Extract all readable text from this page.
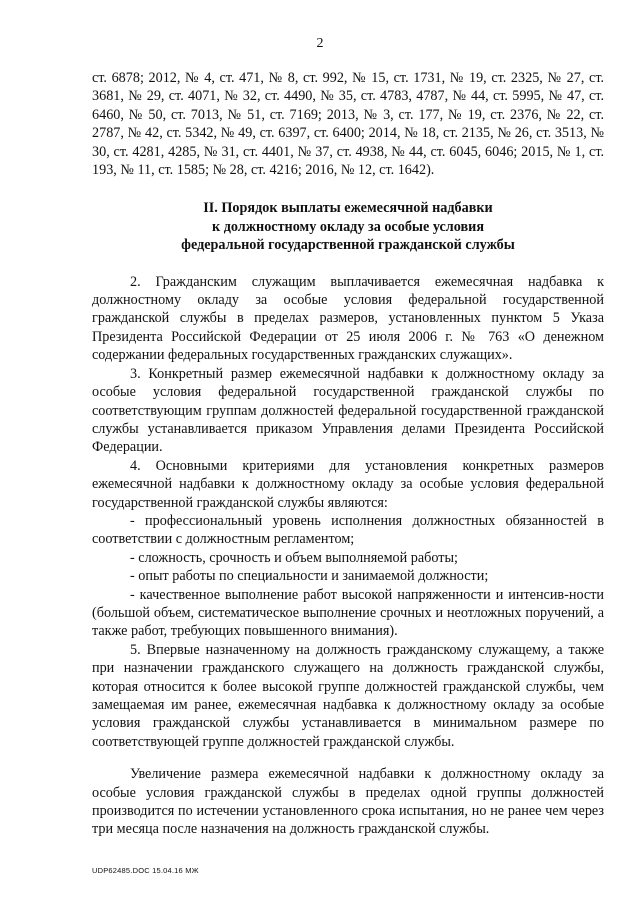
2

ст. 6878; 2012, № 4, ст. 471, № 8, ст. 992, № 15, ст. 1731, № 19, ст. 2325, № 27, ст. 3681, № 29, ст. 4071, № 32, ст. 4490, № 35, ст. 4783, 4787, № 44, ст. 5995, № 47, ст. 6460, № 50, ст. 7013, № 51, ст. 7169; 2013, № 3, ст. 177, № 19, ст. 2376, № 22, ст. 2787, № 42, ст. 5342, № 49, ст. 6397, ст. 6400; 2014, № 18, ст. 2135, № 26, ст. 3513, № 30, ст. 4281, 4285, № 31, ст. 4401, № 37, ст. 4938, № 44, ст. 6045, 6046; 2015, № 1, ст. 193, № 11, ст. 1585; № 28, ст. 4216; 2016, № 12, ст. 1642).

II. Порядок выплаты ежемесячной надбавки
к должностному окладу за особые условия
федеральной государственной гражданской службы

2. Гражданским служащим выплачивается ежемесячная надбавка к должностному окладу за особые условия федеральной государственной гражданской службы в пределах размеров, установленных пунктом 5 Указа Президента Российской Федерации от 25 июля 2006 г. № 763 «О денежном содержании федеральных государственных гражданских служащих».

3. Конкретный размер ежемесячной надбавки к должностному окладу за особые условия федеральной государственной гражданской службы по соответствующим группам должностей федеральной государственной гражданской службы устанавливается приказом Управления делами Президента Российской Федерации.

4. Основными критериями для установления конкретных размеров ежемесячной надбавки к должностному окладу за особые условия федеральной государственной гражданской службы являются:

- профессиональный уровень исполнения должностных обязанностей в соответствии с должностным регламентом;

- сложность, срочность и объем выполняемой работы;

- опыт работы по специальности и занимаемой должности;

- качественное выполнение работ высокой напряженности и интенсив-ности (большой объем, систематическое выполнение срочных и неотложных поручений, а также работ, требующих повышенного внимания).

5. Впервые назначенному на должность гражданскому служащему, а также при назначении гражданского служащего на должность гражданской службы, которая относится к более высокой группе должностей гражданской службы, чем замещаемая им ранее, ежемесячная надбавка к должностному окладу за особые условия гражданской службы устанавливается в минимальном размере по соответствующей группе должностей гражданской службы.

Увеличение размера ежемесячной надбавки к должностному окладу за особые условия гражданской службы в пределах одной группы должностей производится по истечении установленного срока испытания, но не ранее чем через три месяца после назначения на должность гражданской службы.

UDP62485.DOC 15.04.16 МЖ
